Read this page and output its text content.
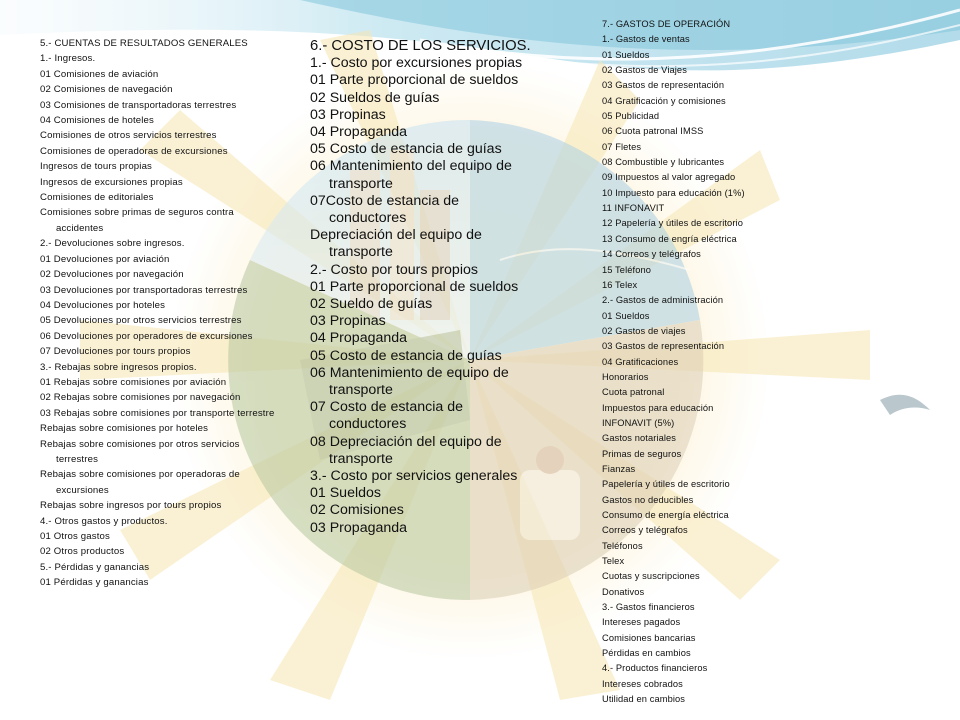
5.- CUENTAS DE RESULTADOS GENERALES

1.- Ingresos.

01 Comisiones de aviación

02 Comisiones de navegación

03 Comisiones de transportadoras terrestres

04 Comisiones de hoteles

Comisiones de otros servicios terrestres

Comisiones de operadoras de excursiones

Ingresos de tours propias

Ingresos de excursiones propias

Comisiones de editoriales

Comisiones sobre primas de seguros contra accidentes

2.- Devoluciones sobre ingresos.

01 Devoluciones por aviación

02 Devoluciones por navegación

03 Devoluciones por transportadoras terrestres

04 Devoluciones por hoteles

05 Devoluciones por otros servicios terrestres

06 Devoluciones por operadores de excursiones

07 Devoluciones por tours propios

3.- Rebajas sobre ingresos propios.

01 Rebajas sobre comisiones por aviación

02 Rebajas sobre comisiones por navegación

03 Rebajas sobre comisiones por transporte terrestre

Rebajas sobre comisiones por hoteles

Rebajas sobre comisiones por otros servicios terrestres

Rebajas sobre comisiones por operadoras de excursiones

Rebajas sobre ingresos por tours propios

4.- Otros gastos y productos.

01 Otros gastos

02 Otros productos

5.- Pérdidas y ganancias

01 Pérdidas y ganancias

6.- COSTO DE LOS SERVICIOS.

1.- Costo por excursiones propias

01 Parte proporcional de sueldos

02 Sueldos de guías

03 Propinas

04 Propaganda

05 Costo de estancia de guías

06 Mantenimiento del equipo de transporte

07Costo de estancia de conductores

Depreciación del equipo de transporte

2.- Costo por tours propios

01 Parte proporcional de sueldos

02 Sueldo de guías

03 Propinas

04 Propaganda

05 Costo de estancia de guías

06 Mantenimiento de equipo de transporte

07 Costo de estancia de conductores

08 Depreciación del equipo de transporte

3.- Costo por servicios generales

01 Sueldos

02 Comisiones

03 Propaganda

7.- GASTOS DE OPERACIÓN

1.- Gastos de ventas

01 Sueldos

02 Gastos de Viajes

03 Gastos de representación

04 Gratificación y comisiones

05 Publicidad

06 Cuota patronal IMSS

07 Fletes

08 Combustible y lubricantes

09 Impuestos al valor agregado

10 Impuesto para educación (1%)

11 INFONAVIT

12 Papelería y útiles de escritorio

13 Consumo de engría eléctrica

14 Correos y telégrafos

15 Teléfono

16 Telex

2.- Gastos de administración

01 Sueldos

02 Gastos de viajes

03 Gastos de representación

04 Gratificaciones

Honorarios

Cuota patronal

Impuestos para educación

INFONAVIT (5%)

Gastos notariales

Primas de seguros

Fianzas

Papelería y útiles de escritorio

Gastos no deducibles

Consumo de energía eléctrica

Correos y telégrafos

Teléfonos

Telex

Cuotas y suscripciones

Donativos

3.- Gastos financieros

Intereses pagados

Comisiones bancarias

Pérdidas en cambios

4.- Productos financieros

Intereses cobrados

Utilidad en cambios
